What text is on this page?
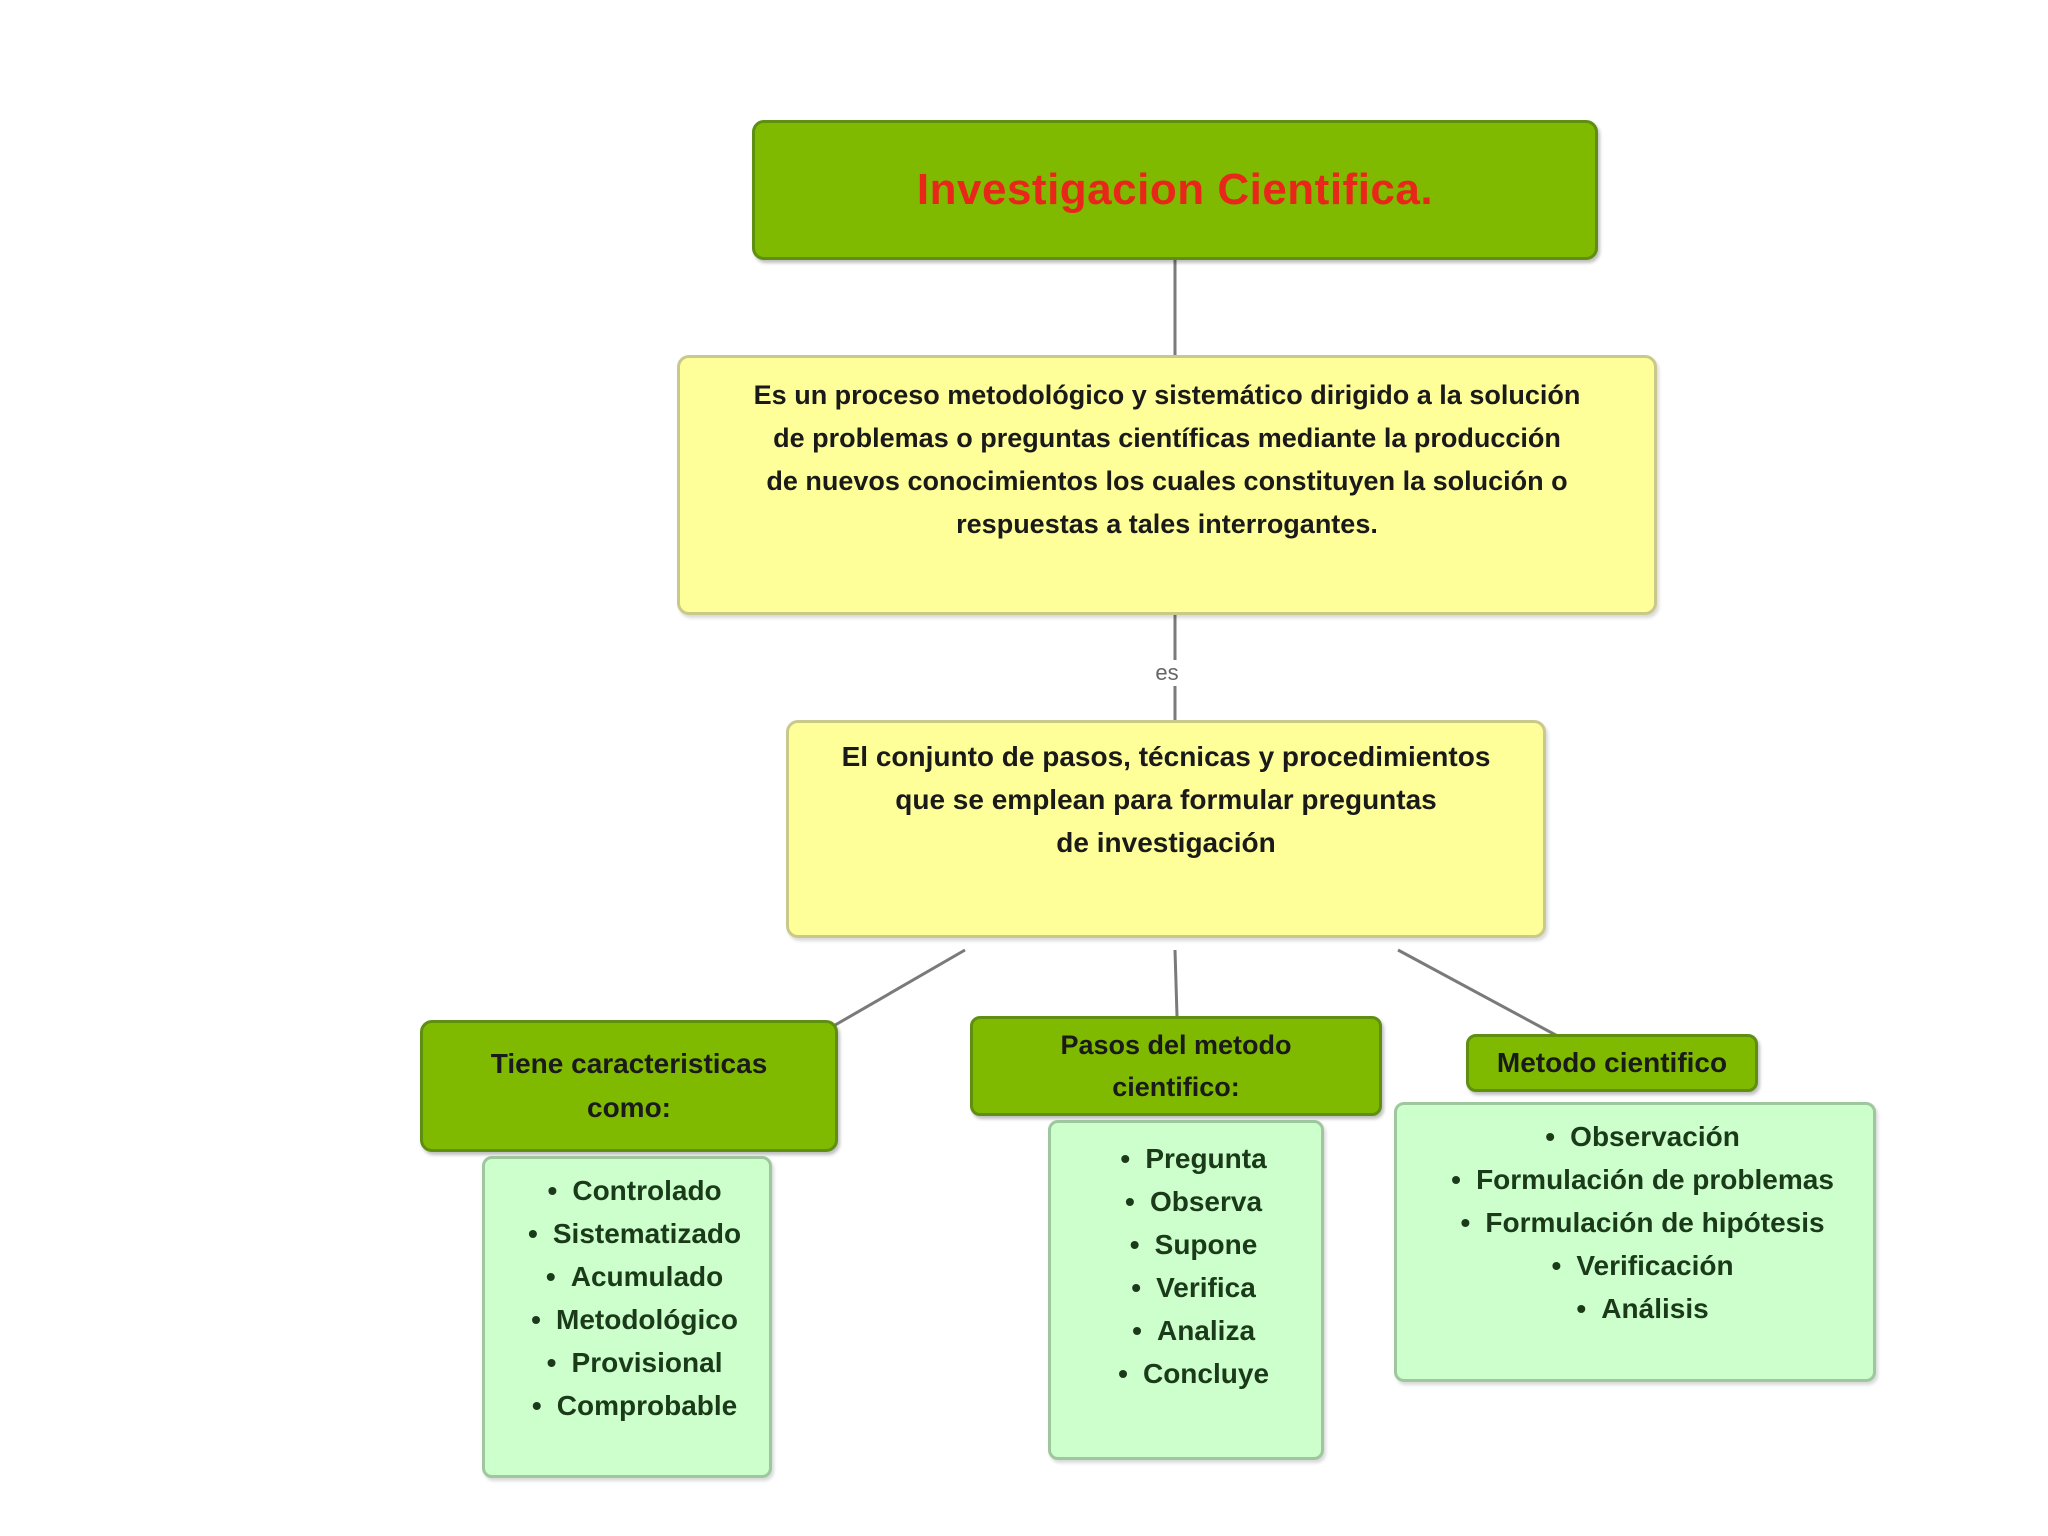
es
Investigacion Cientifica.
Es un proceso metodológico y sistemático dirigido a la solución
de problemas o preguntas científicas mediante la producción
de nuevos conocimientos los cuales constituyen la solución o
respuestas a tales interrogantes.
El conjunto de pasos, técnicas y procedimientos
que se emplean para formular preguntas
de investigación
Tiene caracteristicas
como:
• Controlado
• Sistematizado
• Acumulado
• Metodológico
• Provisional
• Comprobable
Pasos del metodo
cientifico:
• Pregunta
• Observa
• Supone
• Verifica
• Analiza
• Concluye
Metodo cientifico
• Observación
• Formulación de problemas
• Formulación de hipótesis
• Verificación
• Análisis
